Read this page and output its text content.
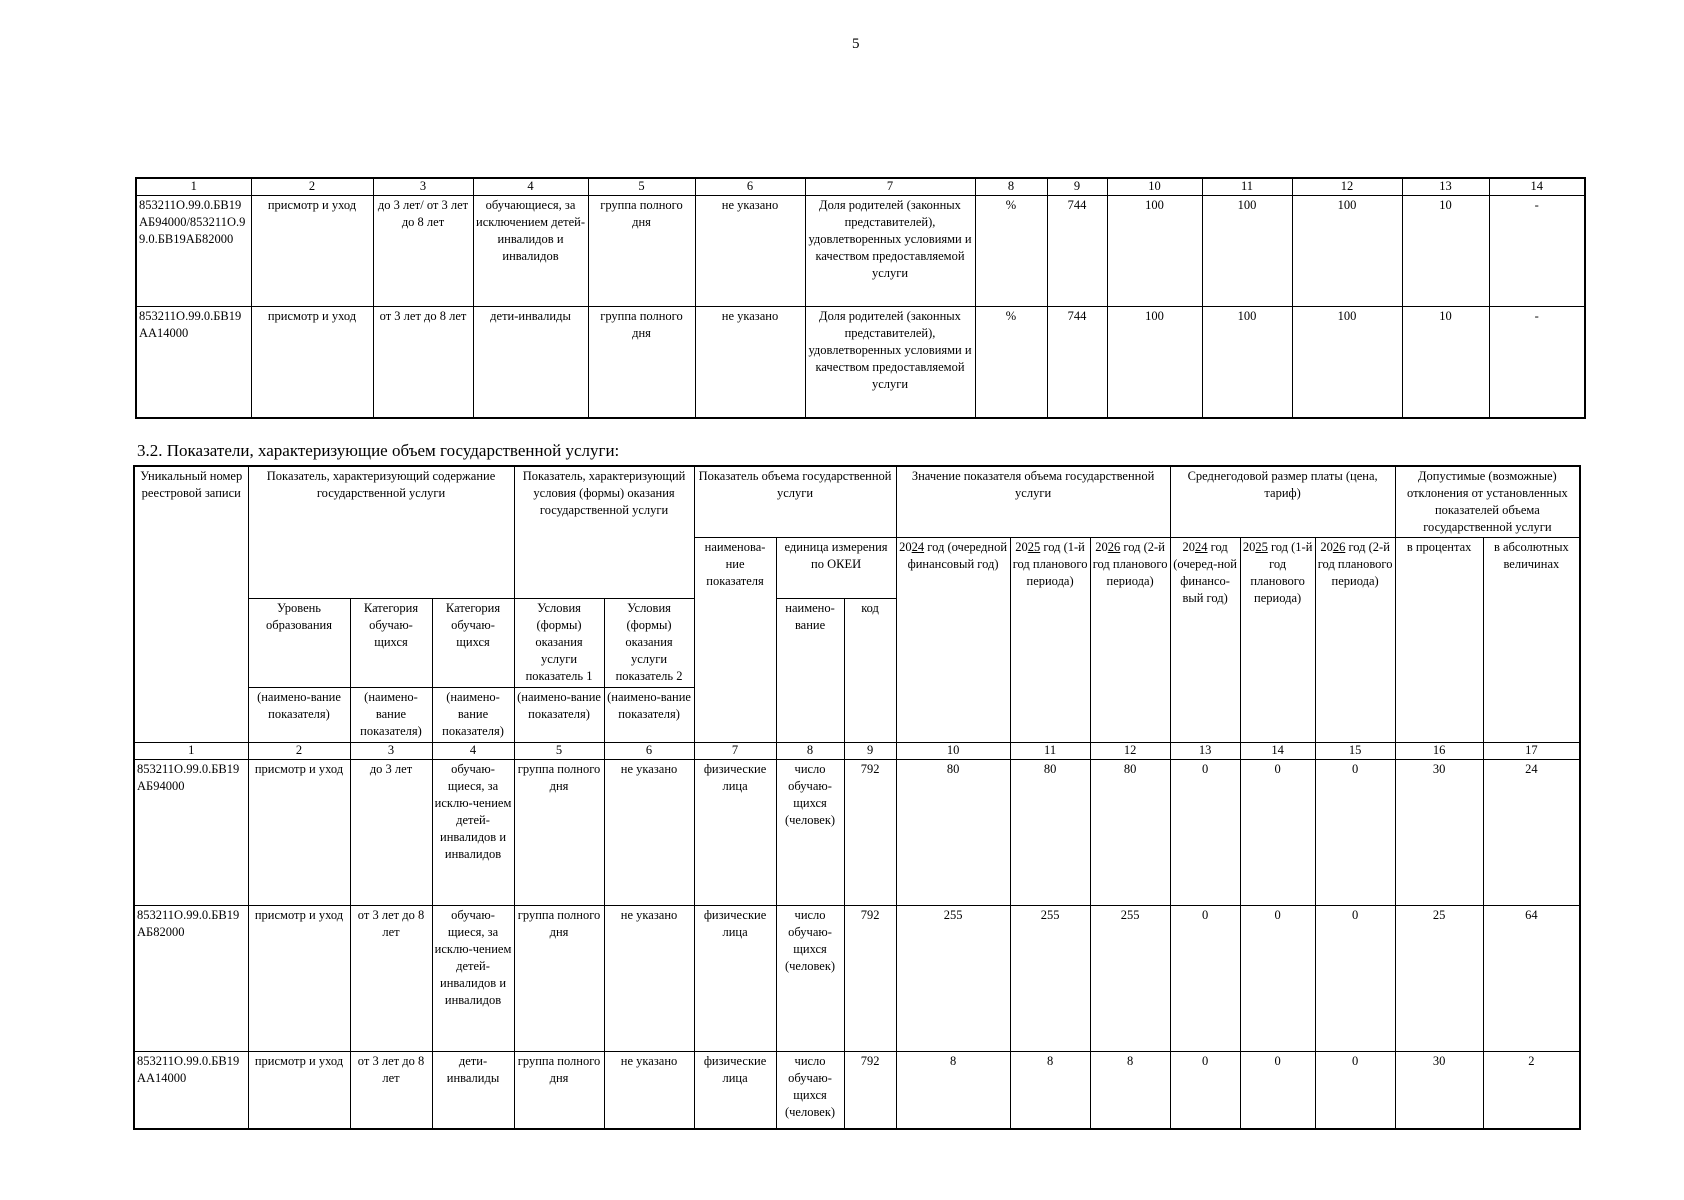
5
1	2	3	4	5	6	7	8	9	10	11	12	13	14
853211О.99.0.БВ19АБ94000/853211О.99.0.БВ19АБ82000	присмотр и уход	до 3 лет/ от 3 лет до 8 лет	обучающиеся, за исключением детей-инвалидов и инвалидов	группа полного дня	не указано	Доля родителей (законных представителей), удовлетворенных условиями и качеством предоставляемой услуги	%	744	100	100	100	10	-
853211О.99.0.БВ19АА14000	присмотр и уход	от 3 лет до 8 лет	дети-инвалиды	группа полного дня	не указано	Доля родителей (законных представителей), удовлетворенных условиями и качеством предоставляемой услуги	%	744	100	100	100	10	-
3.2. Показатели, характеризующие объем государственной услуги:
Уникальный номер реестровой записи	Показатель, характеризующий содержание государственной услуги			Показатель, характеризующий условия (формы) оказания государственной услуги		Показатель объема государственной услуги			Значение показателя объема государственной услуги			Среднегодовой размер платы (цена, тариф)			Допустимые (возможные) отклонения от установленных показателей объема государственной услуги	
						наименова-ние показателя	единица измерения по ОКЕИ		2024 год (очередной финансовый год)	2025 год (1-й год планового периода)	2026 год (2-й год планового периода)	2024 год (очеред-ной финансо-вый год)	2025 год (1-й год планового периода)	2026 год (2-й год планового периода)	в процентах	в абсолютных величинах
	Уровень образования	Категория обучаю-щихся	Категория обучаю-щихся	Условия (формы) оказания услуги показатель 1	Условия (формы) оказания услуги показатель 2		наимено-вание	код								
	(наимено-вание показателя)	(наимено-вание показателя)	(наимено-вание показателя)	(наимено-вание показателя)	(наимено-вание показателя)											
1	2	3	4	5	6	7	8	9	10	11	12	13	14	15	16	17
853211О.99.0.БВ19АБ94000	присмотр и уход	до 3 лет	обучаю-щиеся, за исклю-чением детей-инвалидов и инвалидов	группа полного дня	не указано	физические лица	число обучаю-щихся (человек)	792	80	80	80	0	0	0	30	24
853211О.99.0.БВ19АБ82000	присмотр и уход	от 3 лет до 8 лет	обучаю-щиеся, за исклю-чением детей-инвалидов и инвалидов	группа полного дня	не указано	физические лица	число обучаю-щихся (человек)	792	255	255	255	0	0	0	25	64
853211О.99.0.БВ19АА14000	присмотр и уход	от 3 лет до 8 лет	дети-инвалиды	группа полного дня	не указано	физические лица	число обучаю-щихся (человек)	792	8	8	8	0	0	0	30	2
